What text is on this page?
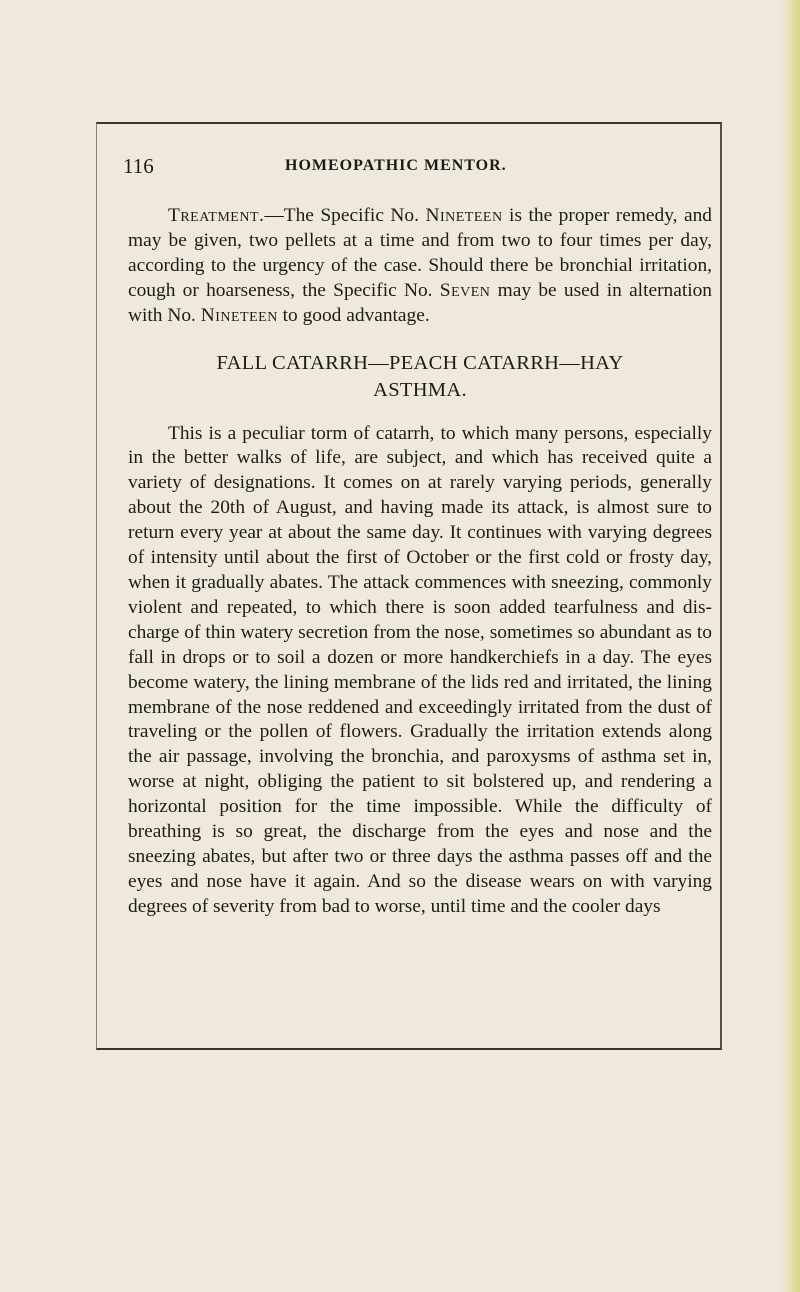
116	HOMEOPATHIC MENTOR.

Treatment.—The Specific No. Nineteen is the proper remedy, and may be given, two pellets at a time and from two to four times per day, according to the urgency of the case. Should there be bronchial irritation, cough or hoarseness, the Specific No. Seven may be used in alternation with No. Nineteen to good advantage.

FALL CATARRH—PEACH CATARRH—HAY
ASTHMA.

This is a peculiar torm of catarrh, to which many persons, especially in the better walks of life, are subject, and which has received quite a variety of designations. It comes on at rarely varying periods, generally about the 20th of August, and having made its attack, is almost sure to return every year at about the same day. It continues with varying degrees of intensity until about the first of October or the first cold or frosty day, when it gradually abates. The attack commences with sneezing, commonly violent and repeated, to which there is soon added tearfulness and discharge of thin watery secretion from the nose, sometimes so abundant as to fall in drops or to soil a dozen or more handkerchiefs in a day. The eyes become watery, the lining membrane of the lids red and irritated, the lining membrane of the nose reddened and exceedingly irritated from the dust of traveling or the pollen of flowers. Gradually the irritation extends along the air passage, involving the bronchia, and paroxysms of asthma set in, worse at night, obliging the patient to sit bolstered up, and rendering a horizontal position for the time impossible. While the difficulty of breathing is so great, the discharge from the eyes and nose and the sneezing abates, but after two or three days the asthma passes off and the eyes and nose have it again. And so the disease wears on with varying degrees of severity from bad to worse, until time and the cooler days
